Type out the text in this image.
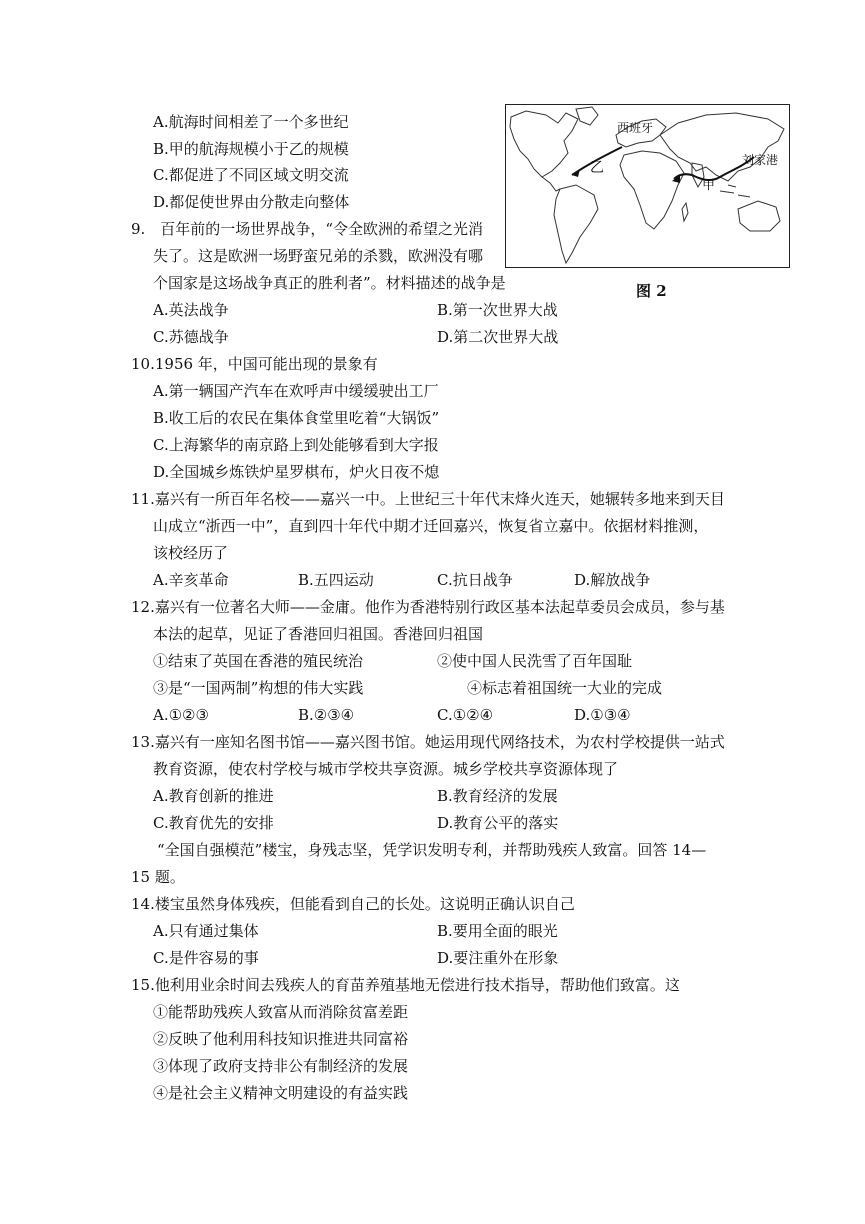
A.航海时间相差了一个多世纪
B.甲的航海规模小于乙的规模
C.都促进了不同区域文明交流
D.都促使世界由分散走向整体
西班牙
刘家港
乙
甲
图 2
9.　百年前的一场世界战争，“令全欧洲的希望之光消
失了。这是欧洲一场野蛮兄弟的杀戮，欧洲没有哪
个国家是这场战争真正的胜利者”。材料描述的战争是
A.英法战争	B.第一次世界大战
C.苏德战争	D.第二次世界大战
10.1956 年，中国可能出现的景象有
A.第一辆国产汽车在欢呼声中缓缓驶出工厂
B.收工后的农民在集体食堂里吃着“大锅饭”
C.上海繁华的南京路上到处能够看到大字报
D.全国城乡炼铁炉星罗棋布，炉火日夜不熄
11.嘉兴有一所百年名校——嘉兴一中。上世纪三十年代末烽火连天，她辗转多地来到天目
山成立“浙西一中”，直到四十年代中期才迁回嘉兴，恢复省立嘉中。依据材料推测，
该校经历了
A.辛亥革命	B.五四运动	C.抗日战争	D.解放战争
12.嘉兴有一位著名大师——金庸。他作为香港特别行政区基本法起草委员会成员，参与基
本法的起草，见证了香港回归祖国。香港回归祖国
①结束了英国在香港的殖民统治	②使中国人民洗雪了百年国耻
③是“一国两制”构想的伟大实践	④标志着祖国统一大业的完成
A.①②③	B.②③④	C.①②④	D.①③④
13.嘉兴有一座知名图书馆——嘉兴图书馆。她运用现代网络技术，为农村学校提供一站式
教育资源，使农村学校与城市学校共享资源。城乡学校共享资源体现了
A.教育创新的推进	B.教育经济的发展
C.教育优先的安排	D.教育公平的落实
“全国自强模范”楼宝，身残志坚，凭学识发明专利，并帮助残疾人致富。回答 14—
15 题。
14.楼宝虽然身体残疾，但能看到自己的长处。这说明正确认识自己
A.只有通过集体	B.要用全面的眼光
C.是件容易的事	D.要注重外在形象
15.他利用业余时间去残疾人的育苗养殖基地无偿进行技术指导，帮助他们致富。这
①能帮助残疾人致富从而消除贫富差距
②反映了他利用科技知识推进共同富裕
③体现了政府支持非公有制经济的发展
④是社会主义精神文明建设的有益实践
